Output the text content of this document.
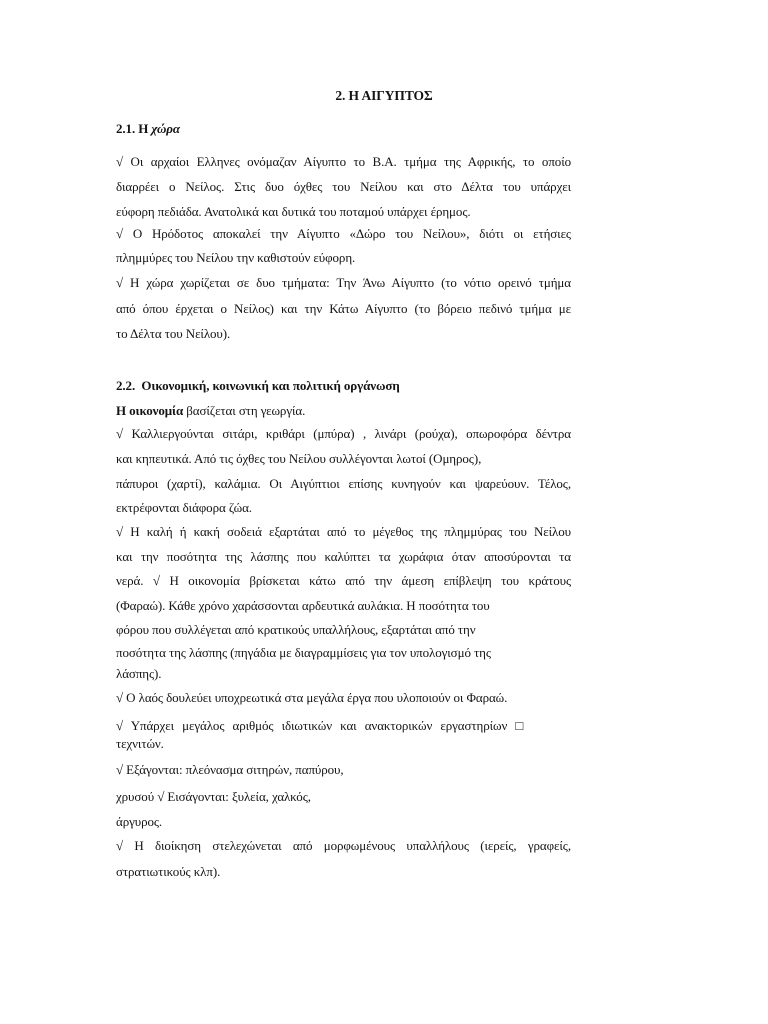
2. Η ΑΙΓΥΠΤΟΣ

2.1. Η χώρα

√ Οι αρχαίοι Ελληνες ονόμαζαν Αίγυπτο το Β.Α. τμήμα της Αφρικής, το οποίο

διαρρέει ο Νείλος. Στις δυο όχθες του Νείλου και στο Δέλτα του υπάρχει

εύφορη πεδιάδα. Ανατολικά και δυτικά του ποταμού υπάρχει έρημος.

√ Ο Ηρόδοτος αποκαλεί την Αίγυπτο «Δώρο του Νείλου», διότι οι ετήσιες

πλημμύρες του Νείλου την καθιστούν εύφορη.

√ Η χώρα χωρίζεται σε δυο τμήματα: Την Άνω Αίγυπτο (το νότιο ορεινό τμήμα

από όπου έρχεται ο Νείλος) και την Κάτω Αίγυπτο (το βόρειο πεδινό τμήμα με

το Δέλτα του Νείλου).

2.2. Οικονομική, κοινωνική και πολιτική οργάνωση

Η οικονομία βασίζεται στη γεωργία.

√ Καλλιεργούνται σιτάρι, κριθάρι (μπύρα) , λινάρι (ρούχα), οπωροφόρα δέντρα

και κηπευτικά. Από τις όχθες του Νείλου συλλέγονται λωτοί (Ομηρος),

πάπυροι (χαρτί), καλάμια. Οι Αιγύπτιοι επίσης κυνηγούν και ψαρεύουν. Τέλος,

εκτρέφονται διάφορα ζώα.

√ Η καλή ή κακή σοδειά εξαρτάται από το μέγεθος της πλημμύρας του Νείλου

και την ποσότητα της λάσπης που καλύπτει τα χωράφια όταν αποσύρονται τα

νερά. √ Η οικονομία βρίσκεται κάτω από την άμεση επίβλεψη του κράτους

(Φαραώ). Κάθε χρόνο χαράσσονται αρδευτικά αυλάκια. Η ποσότητα του

φόρου που συλλέγεται από κρατικούς υπαλλήλους, εξαρτάται από την

ποσότητα της λάσπης (πηγάδια με διαγραμμίσεις για τον υπολογισμό της

λάσπης).

√ Ο λαός δουλεύει υποχρεωτικά στα μεγάλα έργα που υλοποιούν οι Φαραώ.

√ Υπάρχει μεγάλος αριθμός ιδιωτικών και ανακτορικών εργαστηρίων □

τεχνιτών.

√ Εξάγονται: πλεόνασμα σιτηρών, παπύρου,

χρυσού √ Εισάγονται: ξυλεία, χαλκός,

άργυρος.

√ Η διοίκηση στελεχώνεται από μορφωμένους υπαλλήλους (ιερείς, γραφείς,

στρατιωτικούς κλπ).
